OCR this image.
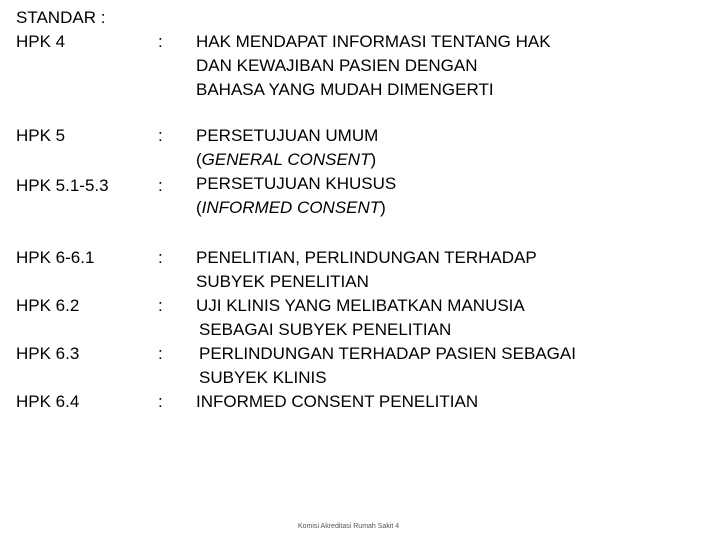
STANDAR :
HPK 4	: HAK MENDAPAT INFORMASI TENTANG HAK
DAN KEWAJIBAN PASIEN DENGAN
BAHASA YANG MUDAH DIMENGERTI
HPK 5	: PERSETUJUAN UMUM
(GENERAL CONSENT)
HPK 5.1-5.3	: PERSETUJUAN KHUSUS
(INFORMED CONSENT)
HPK 6-6.1	: PENELITIAN, PERLINDUNGAN TERHADAP
SUBYEK PENELITIAN
HPK 6.2	: UJI KLINIS YANG MELIBATKAN MANUSIA
SEBAGAI SUBYEK PENELITIAN
HPK 6.3	: PERLINDUNGAN TERHADAP PASIEN SEBAGAI
SUBYEK KLINIS
HPK 6.4	: INFORMED CONSENT PENELITIAN
Komisi Akreditasi Rumah Sakit 4
